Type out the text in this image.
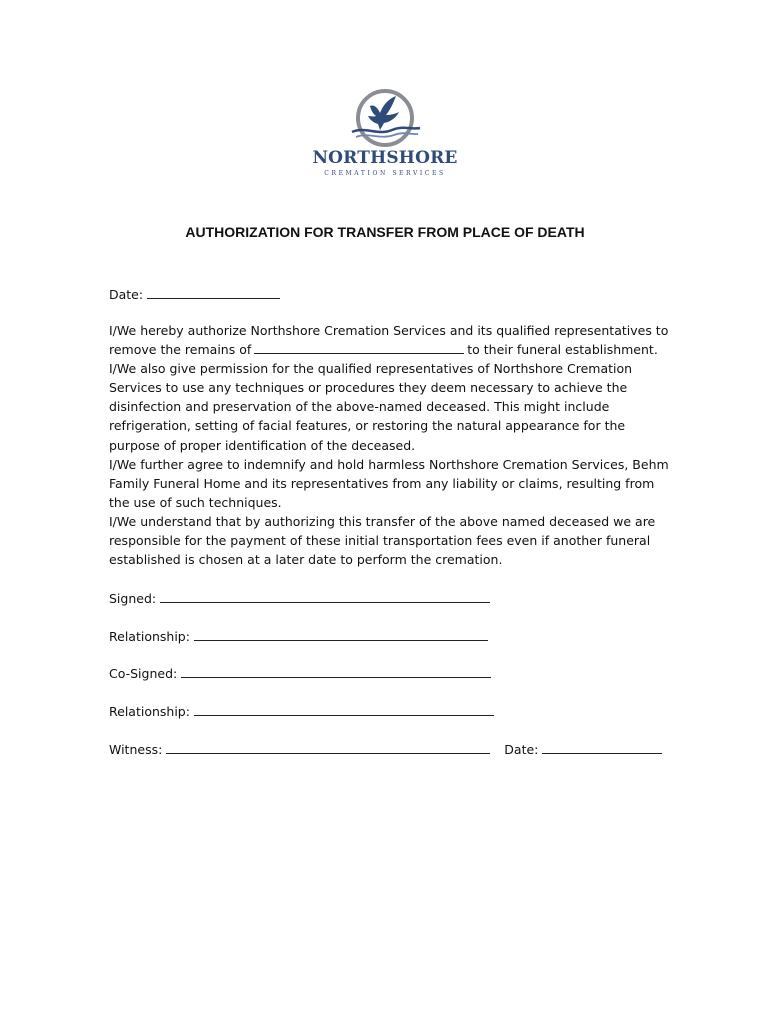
NORTHSHORE
CREMATION SERVICES
AUTHORIZATION FOR TRANSFER FROM PLACE OF DEATH
Date:

I/We hereby authorize Northshore Cremation Services and its qualified representatives to

remove the remains of	to their funeral establishment.

I/We also give permission for the qualified representatives of Northshore Cremation

Services to use any techniques or procedures they deem necessary to achieve the

disinfection and preservation of the above-named deceased. This might include

refrigeration, setting of facial features, or restoring the natural appearance for the

purpose of proper identification of the deceased.

I/We further agree to indemnify and hold harmless Northshore Cremation Services, Behm

Family Funeral Home and its representatives from any liability or claims, resulting from

the use of such techniques.

I/We understand that by authorizing this transfer of the above named deceased we are

responsible for the payment of these initial transportation fees even if another funeral

established is chosen at a later date to perform the cremation.

Signed:
Relationship:
Co-Signed:
Relationship:
Witness:	Date:
